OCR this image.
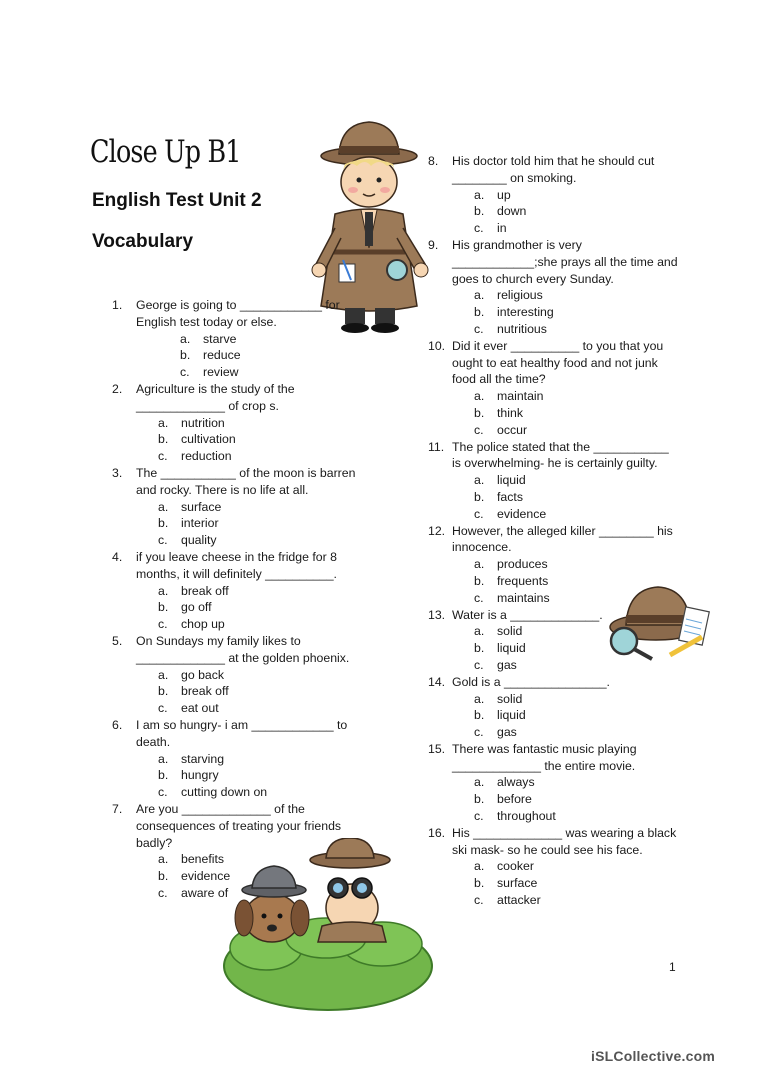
Close Up B1
English Test Unit 2
Vocabulary
1. George is going to ____________ for English test today or else.
a. starve
b. reduce
c. review
2. Agriculture is the study of the _____________ of crop s.
a. nutrition
b. cultivation
c. reduction
3. The ___________ of the moon is barren and rocky. There is no life at all.
a. surface
b. interior
c. quality
4. if you leave cheese in the fridge for 8 months, it will definitely __________.
a. break off
b. go off
c. chop up
5. On Sundays my family likes to _____________ at the golden phoenix.
a. go back
b. break off
c. eat out
6. I am so hungry- i am ____________ to death.
a. starving
b. hungry
c. cutting down on
7. Are you _____________ of the consequences of treating your friends badly?
a. benefits
b. evidence
c. aware of
8. His doctor told him that he should cut ________ on smoking.
a. up
b. down
c. in
9. His grandmother is very ____________;she prays all the time and goes to church every Sunday.
a. religious
b. interesting
c. nutritious
10. Did it ever __________ to you that you ought to eat healthy food and not junk food all the time?
a. maintain
b. think
c. occur
11. The police stated that the ___________ is overwhelming- he is certainly guilty.
a. liquid
b. facts
c. evidence
12. However, the alleged killer ________ his innocence.
a. produces
b. frequents
c. maintains
13. Water is a _____________.
a. solid
b. liquid
c. gas
14. Gold is a _______________.
a. solid
b. liquid
c. gas
15. There was fantastic music playing _____________ the entire movie.
a. always
b. before
c. throughout
16. His _____________ was wearing a black ski mask- so he could see his face.
a. cooker
b. surface
c. attacker
1
iSLCollective.com
